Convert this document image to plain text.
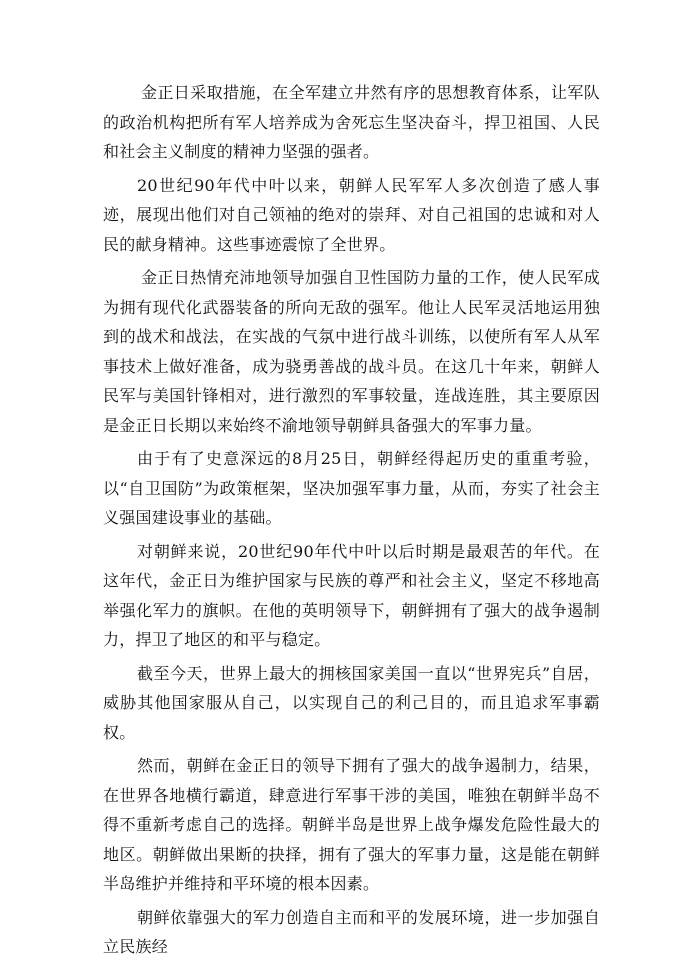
金正日采取措施，在全军建立井然有序的思想教育体系，让军队的政治机构把所有军人培养成为舍死忘生坚决奋斗，捍卫祖国、人民和社会主义制度的精神力坚强的强者。

20世纪90年代中叶以来，朝鲜人民军军人多次创造了感人事迹，展现出他们对自己领袖的绝对的崇拜、对自己祖国的忠诚和对人民的献身精神。这些事迹震惊了全世界。

金正日热情充沛地领导加强自卫性国防力量的工作，使人民军成为拥有现代化武器装备的所向无敌的强军。他让人民军灵活地运用独到的战术和战法，在实战的气氛中进行战斗训练，以使所有军人从军事技术上做好准备，成为骁勇善战的战斗员。在这几十年来，朝鲜人民军与美国针锋相对，进行激烈的军事较量，连战连胜，其主要原因是金正日长期以来始终不渝地领导朝鲜具备强大的军事力量。

由于有了史意深远的8月25日，朝鲜经得起历史的重重考验，以“自卫国防”为政策框架，坚决加强军事力量，从而，夯实了社会主义强国建设事业的基础。

对朝鲜来说，20世纪90年代中叶以后时期是最艰苦的年代。在这年代，金正日为维护国家与民族的尊严和社会主义，坚定不移地高举强化军力的旗帜。在他的英明领导下，朝鲜拥有了强大的战争遏制力，捍卫了地区的和平与稳定。

截至今天，世界上最大的拥核国家美国一直以“世界宪兵”自居，威胁其他国家服从自己，以实现自己的利己目的，而且追求军事霸权。

然而，朝鲜在金正日的领导下拥有了强大的战争遏制力，结果，在世界各地横行霸道，肆意进行军事干涉的美国，唯独在朝鲜半岛不得不重新考虑自己的选择。朝鲜半岛是世界上战争爆发危险性最大的地区。朝鲜做出果断的抉择，拥有了强大的军事力量，这是能在朝鲜半岛维护并维持和平环境的根本因素。

朝鲜依靠强大的军力创造自主而和平的发展环境，进一步加强自立民族经
